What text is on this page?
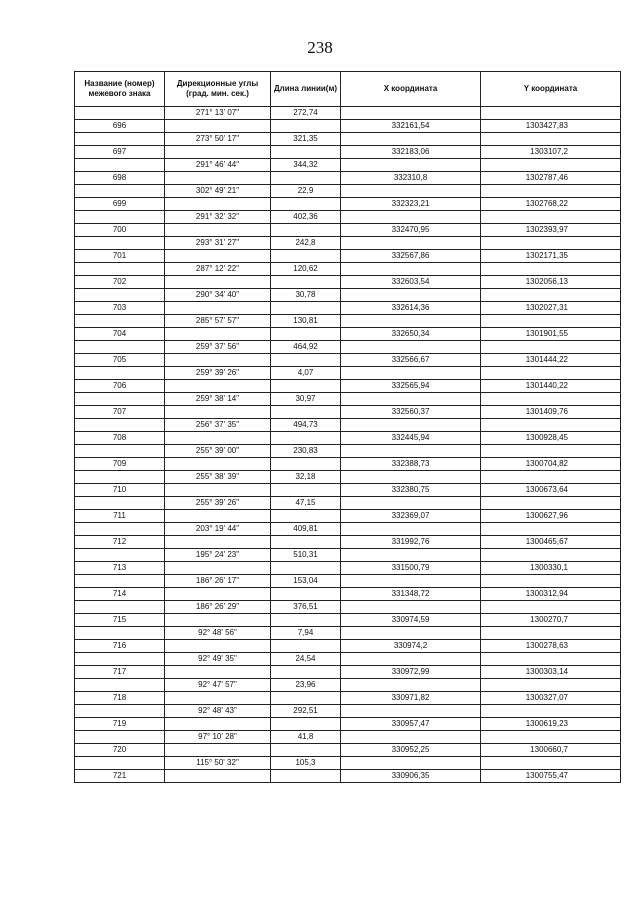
238
Название (номер) межевого знака	Дирекционные углы (град. мин. сек.)	Длина линии(м)	Х координата	Y координата
	271° 13' 07"	272,74		
696			332161,54	1303427,83
	273° 50' 17"	321,35		
697			332183,06	1303107,2
	291° 46' 44"	344,32		
698			332310,8	1302787,46
	302° 49' 21"	22,9		
699			332323,21	1302768,22
	291° 32' 32"	402,36		
700			332470,95	1302393,97
	293° 31' 27"	242,8		
701			332567,86	1302171,35
	287° 12' 22"	120,62		
702			332603,54	1302056,13
	290° 34' 40"	30,78		
703			332614,36	1302027,31
	285° 57' 57"	130,81		
704			332650,34	1301901,55
	259° 37' 56"	464,92		
705			332566,67	1301444,22
	259° 39' 26"	4,07		
706			332565,94	1301440,22
	259° 38' 14"	30,97		
707			332560,37	1301409,76
	256° 37' 35"	494,73		
708			332445,94	1300928,45
	255° 39' 00"	230,83		
709			332388,73	1300704,82
	255° 38' 39"	32,18		
710			332380,75	1300673,64
	255° 39' 26"	47,15		
711			332369,07	1300627,96
	203° 19' 44"	409,81		
712			331992,76	1300465,67
	195° 24' 23"	510,31		
713			331500,79	1300330,1
	186° 26' 17"	153,04		
714			331348,72	1300312,94
	186° 26' 29"	376,51		
715			330974,59	1300270,7
	92° 48' 56"	7,94		
716			330974,2	1300278,63
	92° 49' 35"	24,54		
717			330972,99	1300303,14
	92° 47' 57"	23,96		
718			330971,82	1300327,07
	92° 48' 43"	292,51		
719			330957,47	1300619,23
	97° 10' 28"	41,8		
720			330952,25	1300660,7
	115° 50' 32"	105,3		
721			330906,35	1300755,47
